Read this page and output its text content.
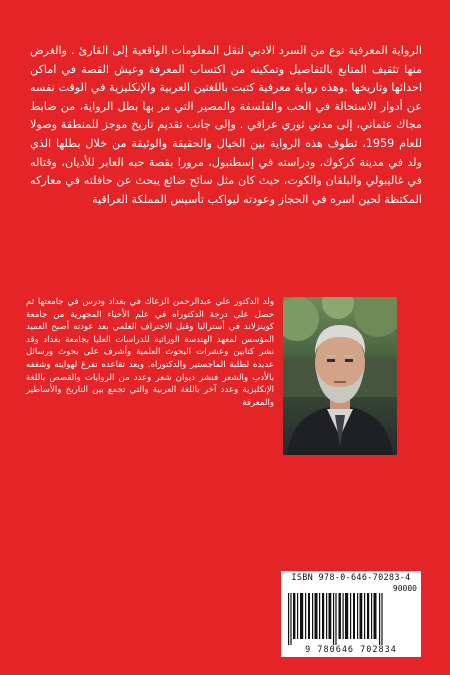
الرواية المعرفية نوع من السرد الادبي لنقل المعلومات الواقعية إلى القارئ . والغرض منها تثقيف المتابع بالتفاصيل وتمكينه من اكتساب المعرفة وعيش القصة في اماكن احداثها وتاريخها .وهذه رواية معرفية كتبت باللغتين العربية والإنكليزية في الوقت نفسه عن أدوار الاستحالة في الحب والفلسفة والمصير التي مر بها بطل الرواية، من ضابط مجاك عثماني، إلى مدني ثوري عراقي . وإلى جانب تقديم تاريخ موجز للمنطقة وصولا للعام 1959، تطوف هذه الرواية بين الخيال والحقيقة والوثيقة من خلال بطلها الذي ولد في مدينة كركوك، ودراسته في إسطنبول، مرورا بقصة حبه العابر للأديان، وقتاله في غاليبولي والبلقان والكوت، حيث كان مثل سائح ضائع يبحث عن حافلته في معاركه المكتظة لحين اسره في الحجاز وعودته ليواكب تأسيس المملكة العراقية

ولد الدكتور علي عبدالرحمن الزعاك في بغداد ودرس في جامعتها ثم حصل على درجة الدكتوراه في علم الأحياء المجهرية من جامعة كوينزلاند في أستراليا وقبل الاحتراف العلمي بعد عودته أصبح العميد المؤسس لمعهد الهندسة الوراثية للدراسات العليا بجامعة بغداد وقد نشر كتابين وعشرات البحوث العلمية وأشرف على بحوث ورسائل عديده لطلبة الماجستير والدكتوراه. وبعد تقاعده تفرغ لهوايته وشغفه بالأدب والشعر فنشر ديوان شعر وعدد من الروايات والقصص باللغة الإنكليزية وعدد آخر باللغة العربية والتي تجمع بين التاريخ والأساطير والمعرفة

ISBN 978-0-646-70283-4
90000
9 780646 702834
